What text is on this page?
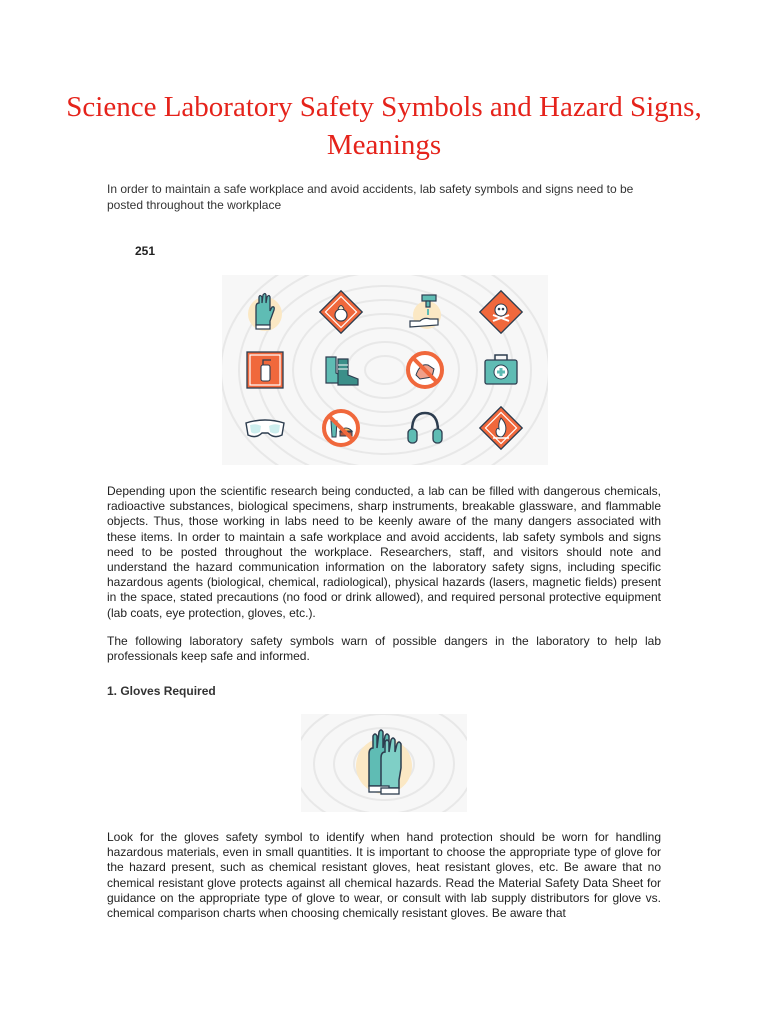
Science Laboratory Safety Symbols and Hazard Signs, Meanings

In order to maintain a safe workplace and avoid accidents, lab safety symbols and signs need to be posted throughout the workplace

251

Depending upon the scientific research being conducted, a lab can be filled with dangerous chemicals, radioactive substances, biological specimens, sharp instruments, breakable glassware, and flammable objects. Thus, those working in labs need to be keenly aware of the many dangers associated with these items. In order to maintain a safe workplace and avoid accidents, lab safety symbols and signs need to be posted throughout the workplace. Researchers, staff, and visitors should note and understand the hazard communication information on the laboratory safety signs, including specific hazardous agents (biological, chemical, radiological), physical hazards (lasers, magnetic fields) present in the space, stated precautions (no food or drink allowed), and required personal protective equipment (lab coats, eye protection, gloves, etc.).

The following laboratory safety symbols warn of possible dangers in the laboratory to help lab professionals keep safe and informed.

1. Gloves Required

Look for the gloves safety symbol to identify when hand protection should be worn for handling hazardous materials, even in small quantities. It is important to choose the appropriate type of glove for the hazard present, such as chemical resistant gloves, heat resistant gloves, etc. Be aware that no chemical resistant glove protects against all chemical hazards. Read the Material Safety Data Sheet for guidance on the appropriate type of glove to wear, or consult with lab supply distributors for glove vs. chemical comparison charts when choosing chemically resistant gloves. Be aware that
